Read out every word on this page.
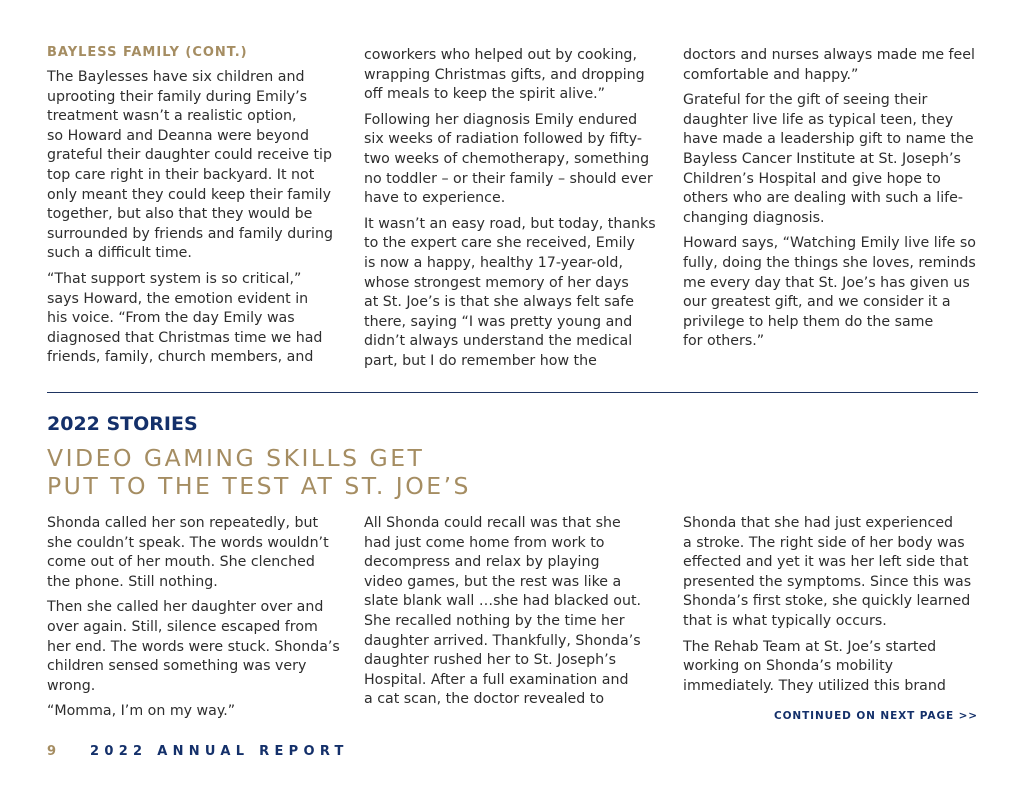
BAYLESS FAMILY (CONT.)

The Baylesses have six children and
uprooting their family during Emily’s
treatment wasn’t a realistic option,
so Howard and Deanna were beyond
grateful their daughter could receive tip
top care right in their backyard. It not
only meant they could keep their family
together, but also that they would be
surrounded by friends and family during
such a difficult time.

“That support system is so critical,”
says Howard, the emotion evident in
his voice. “From the day Emily was
diagnosed that Christmas time we had
friends, family, church members, and

coworkers who helped out by cooking,
wrapping Christmas gifts, and dropping
off meals to keep the spirit alive.”

Following her diagnosis Emily endured
six weeks of radiation followed by fifty-
two weeks of chemotherapy, something
no toddler – or their family – should ever
have to experience.

It wasn’t an easy road, but today, thanks
to the expert care she received, Emily
is now a happy, healthy 17-year-old,
whose strongest memory of her days
at St. Joe’s is that she always felt safe
there, saying “I was pretty young and
didn’t always understand the medical
part, but I do remember how the

doctors and nurses always made me feel
comfortable and happy.”

Grateful for the gift of seeing their
daughter live life as typical teen, they
have made a leadership gift to name the
Bayless Cancer Institute at St. Joseph’s
Children’s Hospital and give hope to
others who are dealing with such a life-
changing diagnosis.

Howard says, “Watching Emily live life so
fully, doing the things she loves, reminds
me every day that St. Joe’s has given us
our greatest gift, and we consider it a
privilege to help them do the same
for others.”

2022 STORIES
VIDEO GAMING SKILLS GET
PUT TO THE TEST AT ST. JOE’S

Shonda called her son repeatedly, but
she couldn’t speak. The words wouldn’t
come out of her mouth. She clenched
the phone. Still nothing.

Then she called her daughter over and
over again. Still, silence escaped from
her end. The words were stuck. Shonda’s
children sensed something was very
wrong.

“Momma, I’m on my way.”

All Shonda could recall was that she
had just come home from work to
decompress and relax by playing
video games, but the rest was like a
slate blank wall …she had blacked out.
She recalled nothing by the time her
daughter arrived. Thankfully, Shonda’s
daughter rushed her to St. Joseph’s
Hospital. After a full examination and
a cat scan, the doctor revealed to

Shonda that she had just experienced
a stroke. The right side of her body was
effected and yet it was her left side that
presented the symptoms. Since this was
Shonda’s first stoke, she quickly learned
that is what typically occurs.

The Rehab Team at St. Joe’s started
working on Shonda’s mobility
immediately. They utilized this brand

CONTINUED ON NEXT PAGE >>
9	2022 ANNUAL REPORT
